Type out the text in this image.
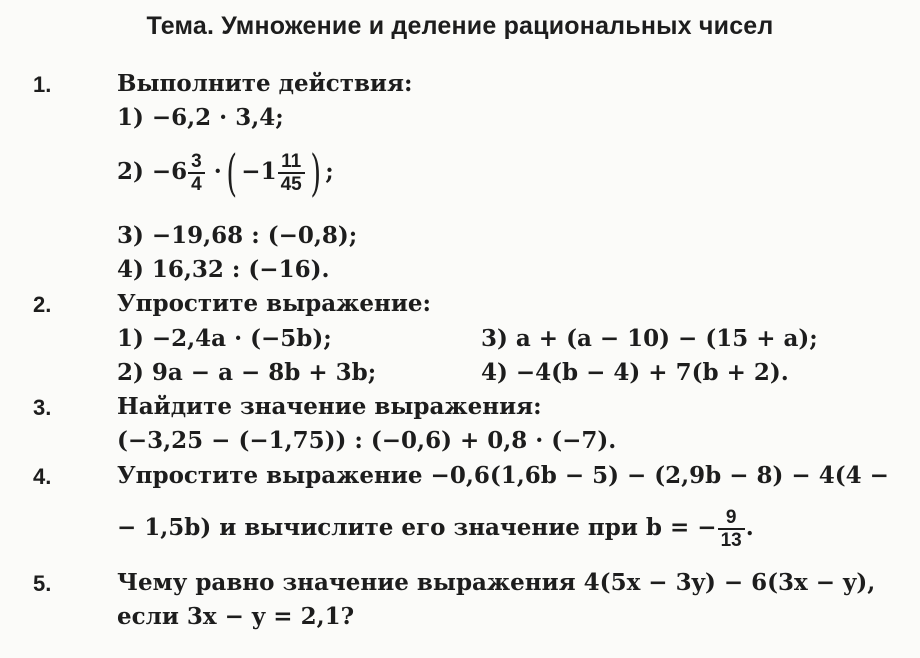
Тема. Умножение и деление рациональных чисел
1.	Выполните действия:
1) −6,2 · 3,4;
$2) -6 \frac{3}{4}$ ·( $-1 \frac{11}{45}$ ) ;
3) −19,68 : (−0,8);
4) 16,32 : (−16).
2.	Упростите выражение:
1) −2,4a · (−5b);	3) a + (a − 10) − (15 + a);
2) 9a − a − 8b + 3b;	4) −4(b − 4) + 7(b + 2).
3.	Найдите значение выражения:
(−3,25 − (−1,75)) : (−0,6) + 0,8 · (−7).
4.	Упростите выражение −0,6(1,6b − 5) − (2,9b − 8) − 4(4 −
− 1,5b) и вычислите его значение при b = − $\frac{9}{13}$ .
5.	Чему равно значение выражения 4(5x − 3y) − 6(3x − y),
если 3x − y = 2,1?
